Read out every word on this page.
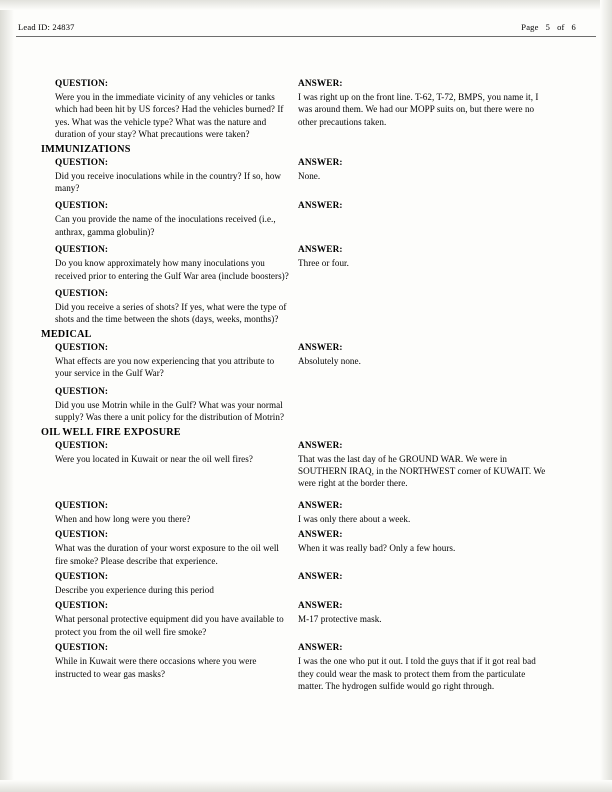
Lead ID: 24837	Page 5 of 6
QUESTION:
Were you in the immediate vicinity of any vehicles or tanks which had been hit by US forces? Had the vehicles burned? If yes. What was the vehicle type? What was the nature and duration of your stay? What precautions were taken?
ANSWER:
I was right up on the front line. T-62, T-72, BMPS, you name it, I was around them. We had our MOPP suits on, but there were no other precautions taken.
IMMUNIZATIONS
QUESTION:
Did you receive inoculations while in the country? If so, how many?
ANSWER:
None.
QUESTION:
Can you provide the name of the inoculations received (i.e., anthrax, gamma globulin)?
ANSWER:
QUESTION:
Do you know approximately how many inoculations you received prior to entering the Gulf War area (include boosters)?
ANSWER:
Three or four.
QUESTION:
Did you receive a series of shots? If yes, what were the type of shots and the time between the shots (days, weeks, months)?
MEDICAL
QUESTION:
What effects are you now experiencing that you attribute to your service in the Gulf War?
ANSWER:
Absolutely none.
QUESTION:
Did you use Motrin while in the Gulf? What was your normal supply? Was there a unit policy for the distribution of Motrin?
OIL WELL FIRE EXPOSURE
QUESTION:
Were you located in Kuwait or near the oil well fires?
ANSWER:
That was the last day of he GROUND WAR. We were in SOUTHERN IRAQ, in the NORTHWEST corner of KUWAIT. We were right at the border there.
QUESTION:
When and how long were you there?
ANSWER:
I was only there about a week.
QUESTION:
What was the duration of your worst exposure to the oil well fire smoke? Please describe that experience.
ANSWER:
When it was really bad? Only a few hours.
QUESTION:
Describe you experience during this period
ANSWER:
QUESTION:
What personal protective equipment did you have available to protect you from the oil well fire smoke?
ANSWER:
M-17 protective mask.
QUESTION:
While in Kuwait were there occasions where you were instructed to wear gas masks?
ANSWER:
I was the one who put it out. I told the guys that if it got real bad they could wear the mask to protect them from the particulate matter. The hydrogen sulfide would go right through.
